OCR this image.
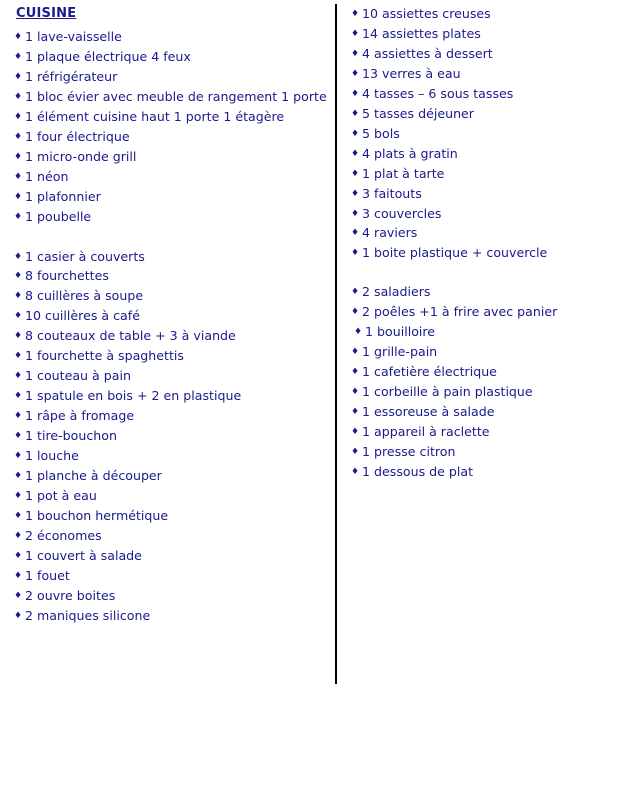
CUISINE
♦ 1 lave-vaisselle
♦ 1 plaque électrique 4 feux
♦ 1 réfrigérateur
♦ 1 bloc évier avec meuble de rangement 1 porte
♦ 1 élément cuisine haut 1 porte 1 étagère
♦ 1 four électrique
♦ 1 micro-onde grill
♦ 1 néon
♦ 1 plafonnier
♦ 1 poubelle
♦ 1 casier à couverts
♦ 8 fourchettes
♦ 8 cuillères à soupe
♦ 10 cuillères à café
♦ 8 couteaux de table + 3 à viande
♦ 1 fourchette à spaghettis
♦ 1 couteau à pain
♦ 1 spatule en bois + 2 en plastique
♦ 1 râpe à fromage
♦ 1 tire-bouchon
♦ 1 louche
♦ 1 planche à découper
♦ 1 pot à eau
♦ 1 bouchon hermétique
♦ 2 économes
♦ 1 couvert à salade
♦ 1 fouet
♦ 2 ouvre boites
♦ 2 maniques silicone
♦ 10 assiettes creuses
♦ 14 assiettes plates
♦ 4 assiettes à dessert
♦ 13 verres à eau
♦ 4 tasses – 6 sous tasses
♦ 5 tasses déjeuner
♦ 5 bols
♦ 4 plats à gratin
♦ 1 plat à tarte
♦ 3 faitouts
♦ 3 couvercles
♦ 4 raviers
♦ 1 boite plastique + couvercle
♦ 2 saladiers
♦ 2 poêles +1 à frire avec panier
♦ 1 bouilloire
♦ 1 grille-pain
♦ 1 cafetière électrique
♦ 1 corbeille à pain plastique
♦ 1 essoreuse à salade
♦ 1 appareil à raclette
♦ 1 presse citron
♦ 1 dessous de plat
